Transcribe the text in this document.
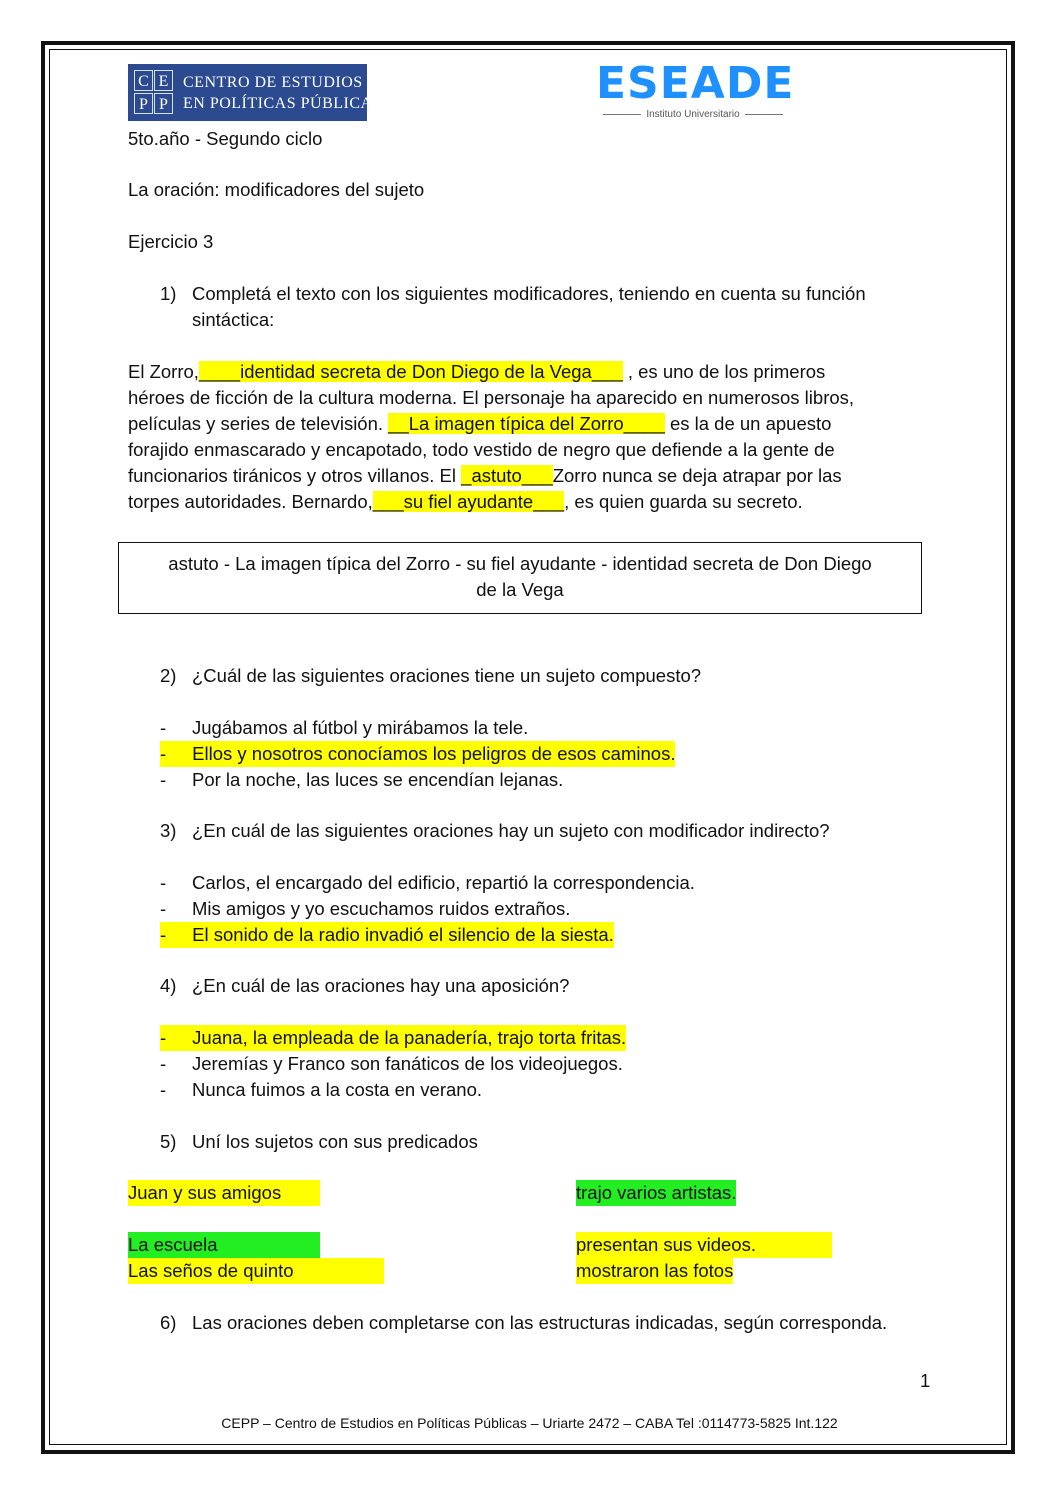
C E
P P
CENTRO DE ESTUDIOS
EN POLÍTICAS PÚBLICAS	ESEADE
Instituto Universitario
5to.año - Segundo ciclo
La oración: modificadores del sujeto
Ejercicio 3
1) Completá el texto con los siguientes modificadores, teniendo en cuenta su función
sintáctica:
El Zorro,____identidad secreta de Don Diego de la Vega___ , es uno de los primeros
héroes de ficción de la cultura moderna. El personaje ha aparecido en numerosos libros,
películas y series de televisión. __La imagen típica del Zorro____ es la de un apuesto
forajido enmascarado y encapotado, todo vestido de negro que defiende a la gente de
funcionarios tiránicos y otros villanos. El _astuto___Zorro nunca se deja atrapar por las
torpes autoridades. Bernardo,___su fiel ayudante___, es quien guarda su secreto.
astuto - La imagen típica del Zorro - su fiel ayudante - identidad secreta de Don Diego
de la Vega
2) ¿Cuál de las siguientes oraciones tiene un sujeto compuesto?
- Jugábamos al fútbol y mirábamos la tele.
- Ellos y nosotros conocíamos los peligros de esos caminos.
- Por la noche, las luces se encendían lejanas.
3) ¿En cuál de las siguientes oraciones hay un sujeto con modificador indirecto?
- Carlos, el encargado del edificio, repartió la correspondencia.
- Mis amigos y yo escuchamos ruidos extraños.
- El sonido de la radio invadió el silencio de la siesta.
4) ¿En cuál de las oraciones hay una aposición?
- Juana, la empleada de la panadería, trajo torta fritas.
- Jeremías y Franco son fanáticos de los videojuegos.
- Nunca fuimos a la costa en verano.
5) Uní los sujetos con sus predicados
Juan y sus amigos
La escuela
Las seños de quinto
trajo varios artistas.
presentan sus videos.
mostraron las fotos
6) Las oraciones deben completarse con las estructuras indicadas, según corresponda.
1
CEPP – Centro de Estudios en Políticas Públicas – Uriarte 2472 – CABA Tel :0114773-5825 Int.122
